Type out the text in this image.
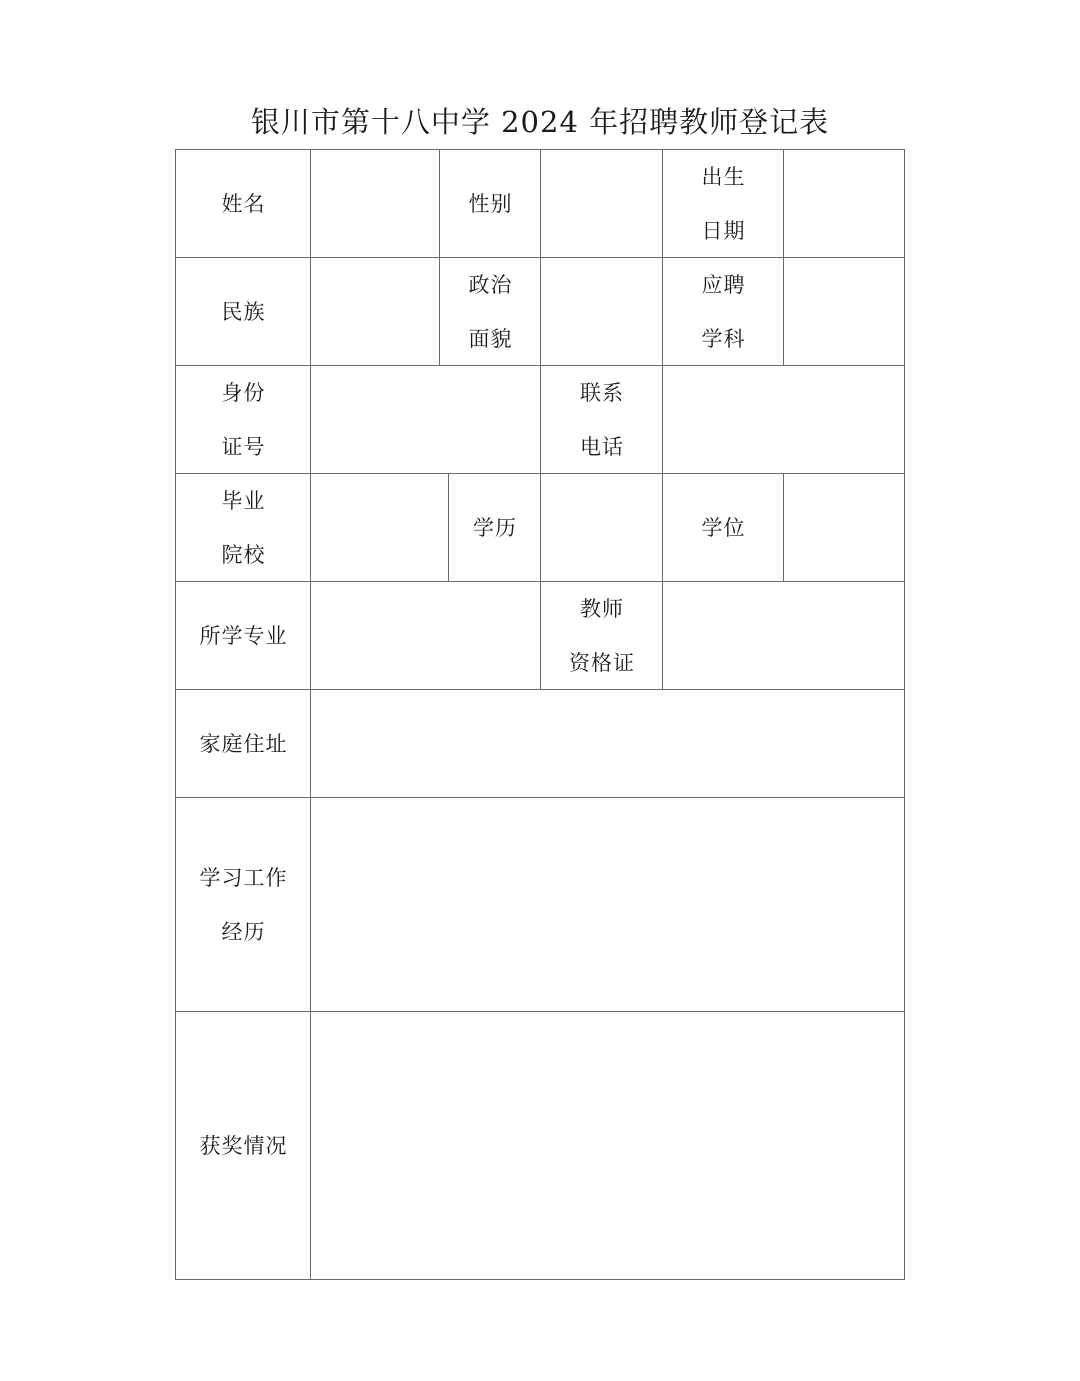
银川市第十八中学 2024 年招聘教师登记表
姓名	性别
出生
日期
民族
政治
面貌
应聘
学科
身份
证号
联系
电话
毕业
院校
学历	学位
所学专业
教师
资格证
家庭住址
学习工作
经历
获奖情况
